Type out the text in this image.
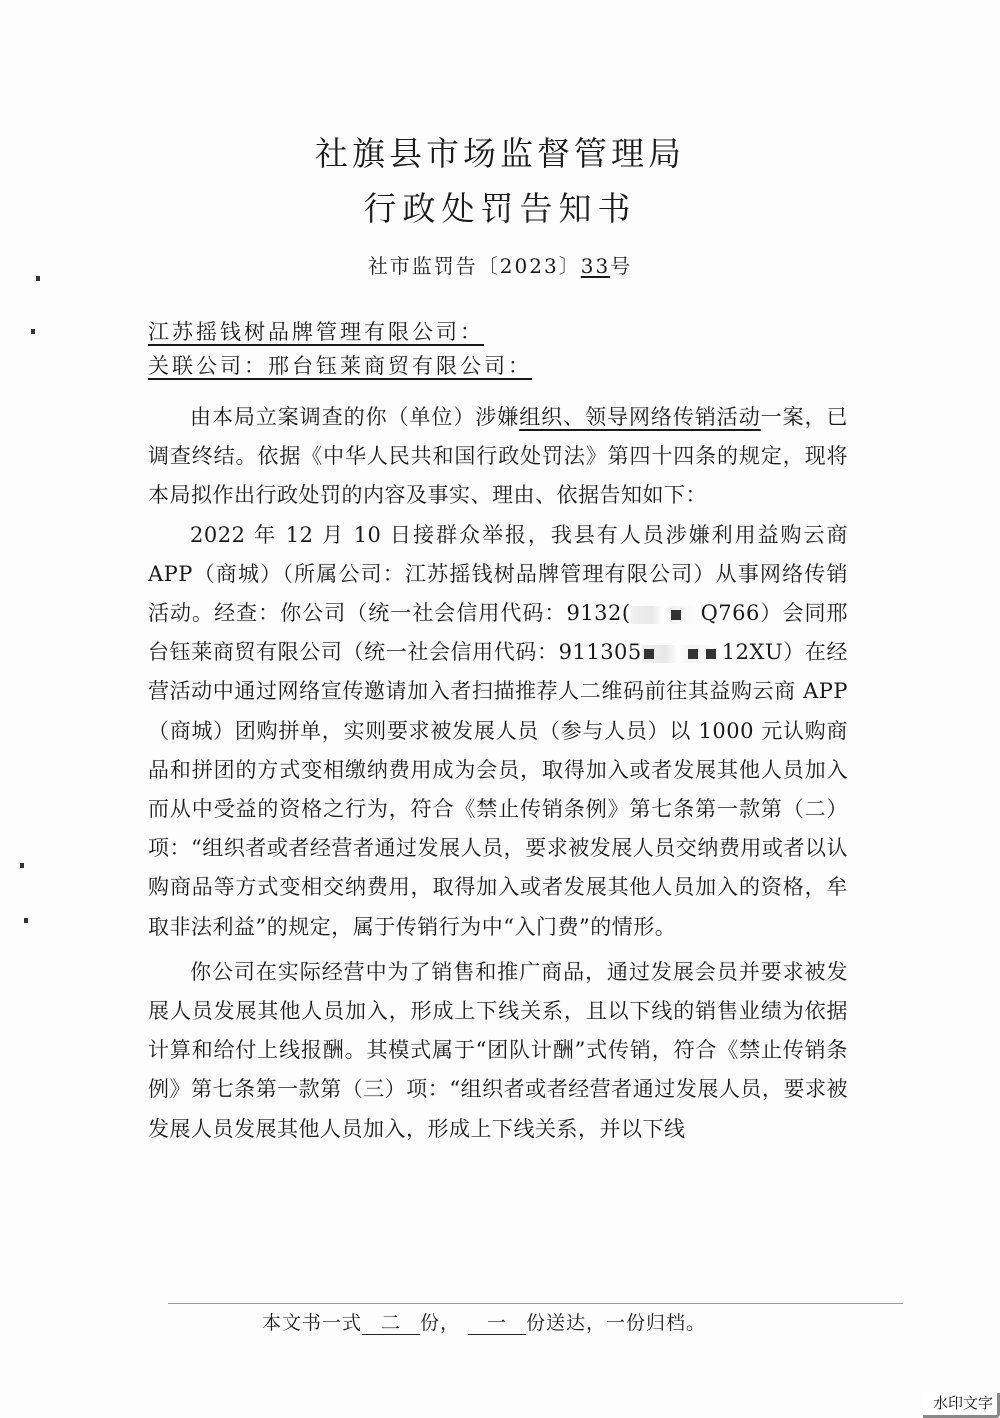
社旗县市场监督管理局
行政处罚告知书
社市监罚告〔2023〕33号
江苏摇钱树品牌管理有限公司：
关联公司：邢台钰莱商贸有限公司：

由本局立案调查的你（单位）涉嫌组织、领导网络传销活动一案，已调查终结。依据《中华人民共和国行政处罚法》第四十四条的规定，现将本局拟作出行政处罚的内容及事实、理由、依据告知如下：

2022 年 12 月 10 日接群众举报，我县有人员涉嫌利用益购云商 APP（商城）（所属公司：江苏摇钱树品牌管理有限公司）从事网络传销活动。经查：你公司（统一社会信用代码：9132(	Q766）会同邢台钰莱商贸有限公司（统一社会信用代码：911305	12XU）在经营活动中通过网络宣传邀请加入者扫描推荐人二维码前往其益购云商 APP（商城）团购拼单，实则要求被发展人员（参与人员）以 1000 元认购商品和拼团的方式变相缴纳费用成为会员，取得加入或者发展其他人员加入而从中受益的资格之行为，符合《禁止传销条例》第七条第一款第（二） 项：“组织者或者经营者通过发展人员，要求被发展人员交纳费用或者以认购商品等方式变相交纳费用，取得加入或者发展其他人员加入的资格，牟取非法利益”的规定，属于传销行为中“入门费”的情形。

你公司在实际经营中为了销售和推广商品，通过发展会员并要求被发展人员发展其他人员加入，形成上下线关系，且以下线的销售业绩为依据计算和给付上线报酬。其模式属于“团队计酬”式传销，符合《禁止传销条例》第七条第一款第（三）项：“组织者或者经营者通过发展人员，要求被发展人员发展其他人员加入，形成上下线关系，并以下线

本文书一式 二 份， 一 份送达，一份归档。
水印文字
